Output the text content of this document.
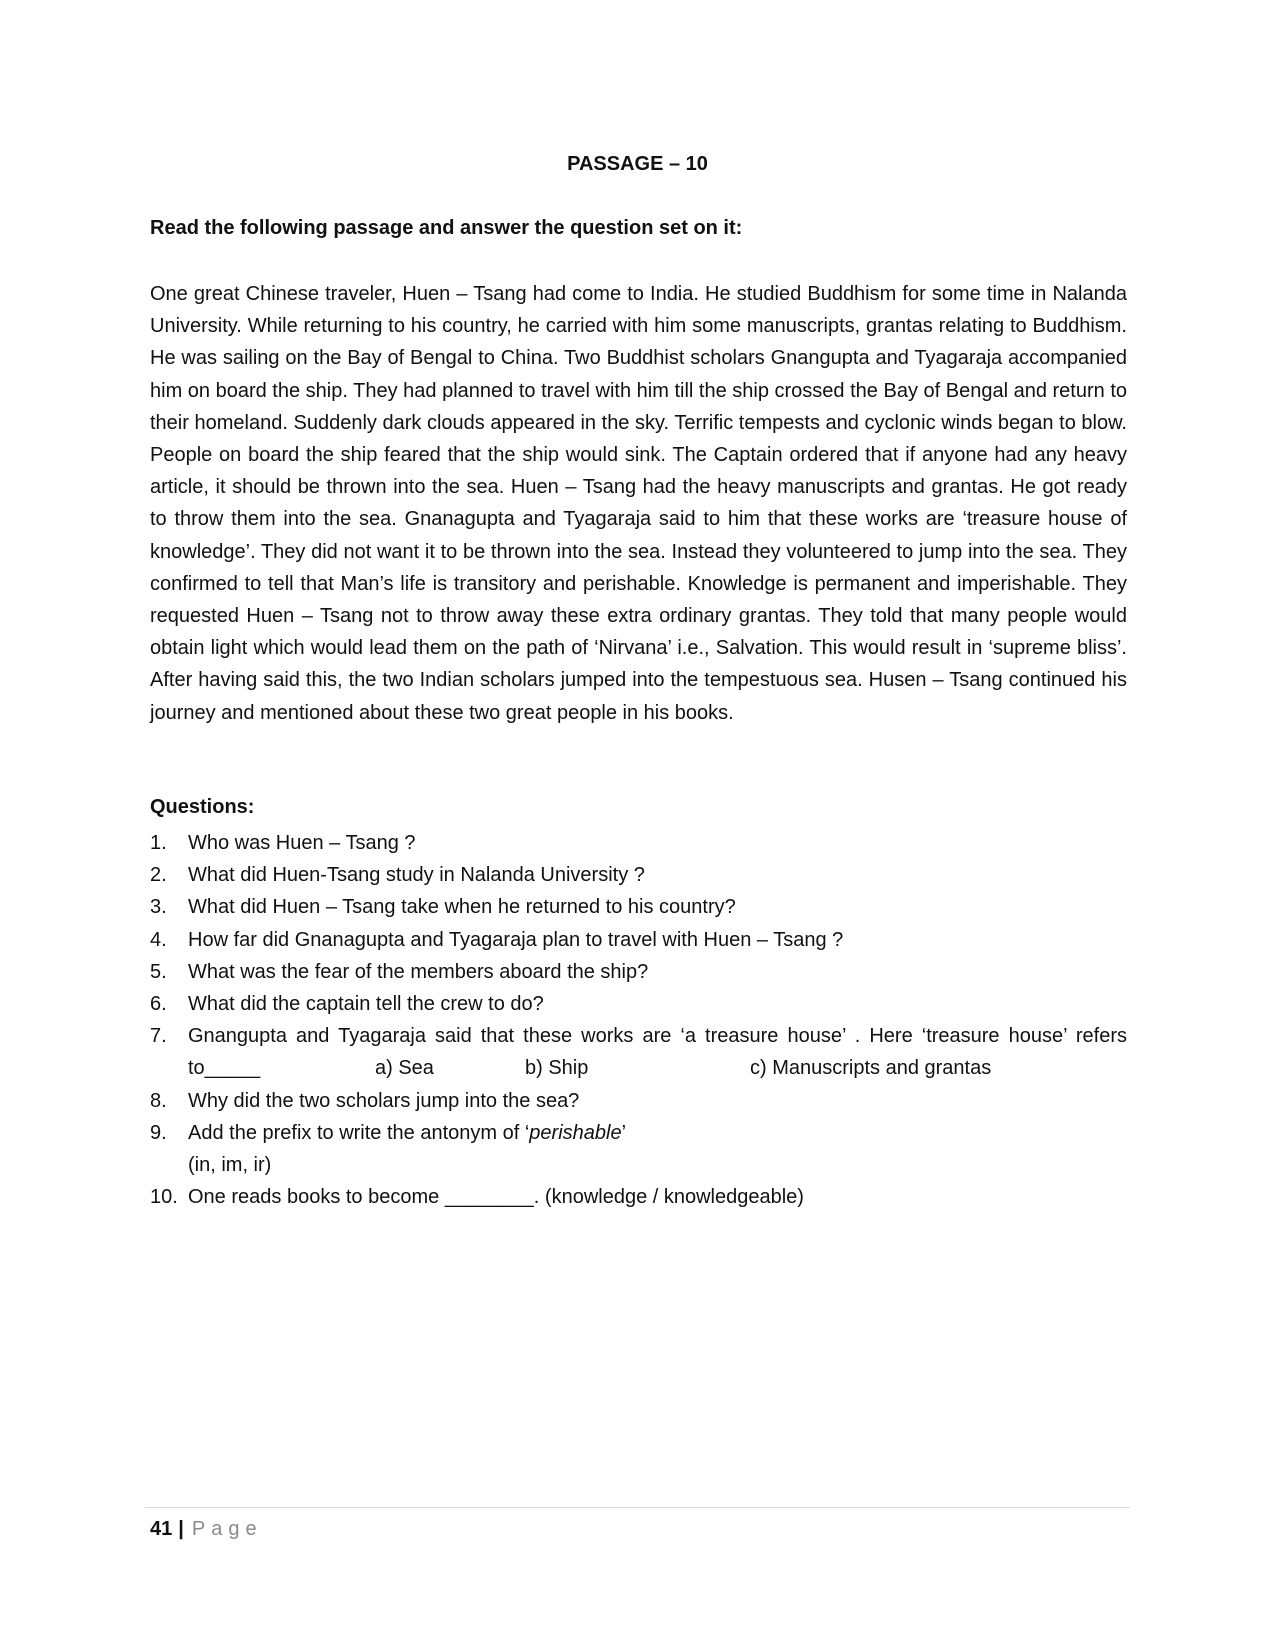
PASSAGE – 10
Read the following passage and answer the question set on it:

One great Chinese traveler, Huen – Tsang had come to India. He studied Buddhism for some time in Nalanda University. While returning to his country, he carried with him some manuscripts, grantas relating to Buddhism. He was sailing on the Bay of Bengal to China. Two Buddhist scholars Gnangupta and Tyagaraja accompanied him on board the ship. They had planned to travel with him till the ship crossed the Bay of Bengal and return to their homeland. Suddenly dark clouds appeared in the sky. Terrific tempests and cyclonic winds began to blow. People on board the ship feared that the ship would sink. The Captain ordered that if anyone had any heavy article, it should be thrown into the sea. Huen – Tsang had the heavy manuscripts and grantas. He got ready to throw them into the sea. Gnanagupta and Tyagaraja said to him that these works are ‘treasure house of knowledge’. They did not want it to be thrown into the sea. Instead they volunteered to jump into the sea. They confirmed to tell that Man’s life is transitory and perishable. Knowledge is permanent and imperishable. They requested Huen – Tsang not to throw away these extra ordinary grantas. They told that many people would obtain light which would lead them on the path of ‘Nirvana’ i.e., Salvation. This would result in ‘supreme bliss’. After having said this, the two Indian scholars jumped into the tempestuous sea. Husen – Tsang continued his journey and mentioned about these two great people in his books.

Questions:
1.	Who was Huen – Tsang ?
2.	What did Huen-Tsang study in Nalanda University ?
3.	What did Huen – Tsang take when he returned to his country?
4.	How far did Gnanagupta and Tyagaraja plan to travel with Huen – Tsang ?
5.	What was the fear of the members aboard the ship?
6.	What did the captain tell the crew to do?
7.	Gnangupta and Tyagaraja said that these works are ‘a treasure house’ . Here ‘treasure house’ refers
to_____	a) Sea	b) Ship	c) Manuscripts and grantas
8.	Why did the two scholars jump into the sea?
9.	Add the prefix to write the antonym of ‘perishable’
(in, im, ir)
10. One reads books to become ________. (knowledge / knowledgeable)
41 | Page
